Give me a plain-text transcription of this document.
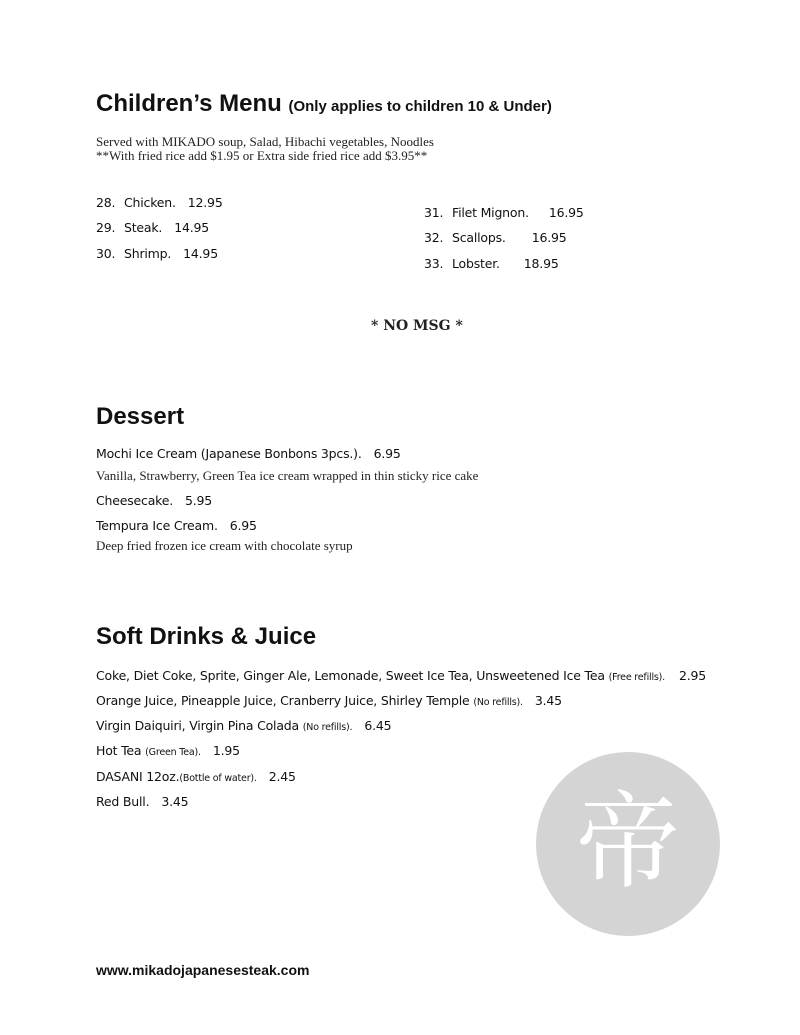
Children’s Menu (Only applies to children 10 & Under)
Served with MIKADO soup, Salad, Hibachi vegetables, Noodles
**With fried rice add $1.95 or Extra side fried rice add $3.95**
28. Chicken. 12.95
29. Steak. 14.95
30. Shrimp. 14.95
31. Filet Mignon. 16.95
32. Scallops. 16.95
33. Lobster. 18.95
* NO MSG *
Dessert
Mochi Ice Cream (Japanese Bonbons 3pcs.). 6.95
Vanilla, Strawberry, Green Tea ice cream wrapped in thin sticky rice cake
Cheesecake. 5.95
Tempura Ice Cream. 6.95
Deep fried frozen ice cream with chocolate syrup
Soft Drinks & Juice
Coke, Diet Coke, Sprite, Ginger Ale, Lemonade, Sweet Ice Tea, Unsweetened Ice Tea (Free refills). 2.95
Orange Juice, Pineapple Juice, Cranberry Juice, Shirley Temple (No refills). 3.45
Virgin Daiquiri, Virgin Pina Colada (No refills). 6.45
Hot Tea (Green Tea). 1.95
DASANI 12oz.(Bottle of water). 2.45
Red Bull. 3.45	帝
www.mikadojapanesesteak.com
